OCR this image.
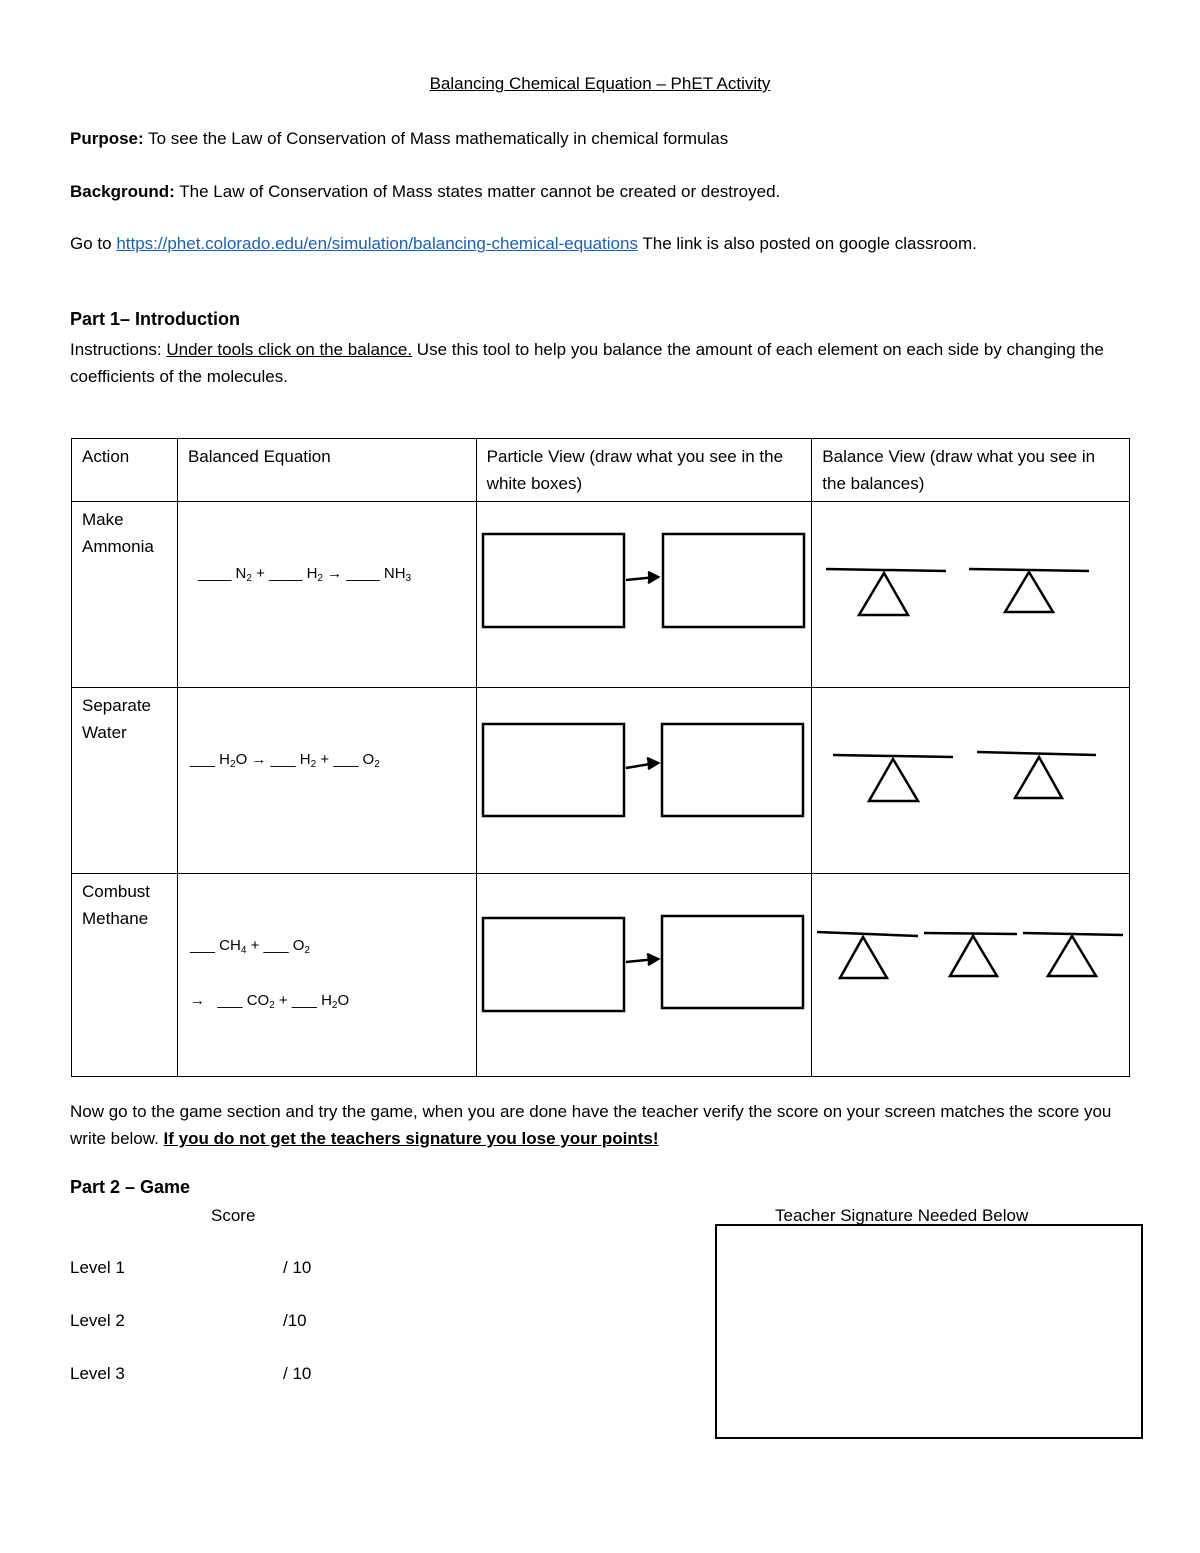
Balancing Chemical Equation – PhET Activity
Purpose: To see the Law of Conservation of Mass mathematically in chemical formulas
Background: The Law of Conservation of Mass states matter cannot be created or destroyed.
Go to https://phet.colorado.edu/en/simulation/balancing-chemical-equations The link is also posted on google classroom.
Part 1– Introduction
Instructions: Under tools click on the balance. Use this tool to help you balance the amount of each element on each side by changing the coefficients of the molecules.
Action	Balanced Equation	Particle View (draw what you see in the white boxes)	Balance View (draw what you see in the balances)
Make Ammonia	____ $N_2$ + ____ $H_2$ → ____ $NH_3$

Separate Water	___ $H_2O$ → ___ $H_2$ + ___ $O_2$

Combust Methane	___ $CH_4$ + ___ $O_2$
→ ___ $CO_2$ + ___ $H_2O$		

Now go to the game section and try the game, when you are done have the teacher verify the score on your screen matches the score you write below. If you do not get the teachers signature you lose your points!
Part 2 – Game
Score	Teacher Signature Needed Below
Level 1	/ 10
Level 2	/10
Level 3	/ 10
